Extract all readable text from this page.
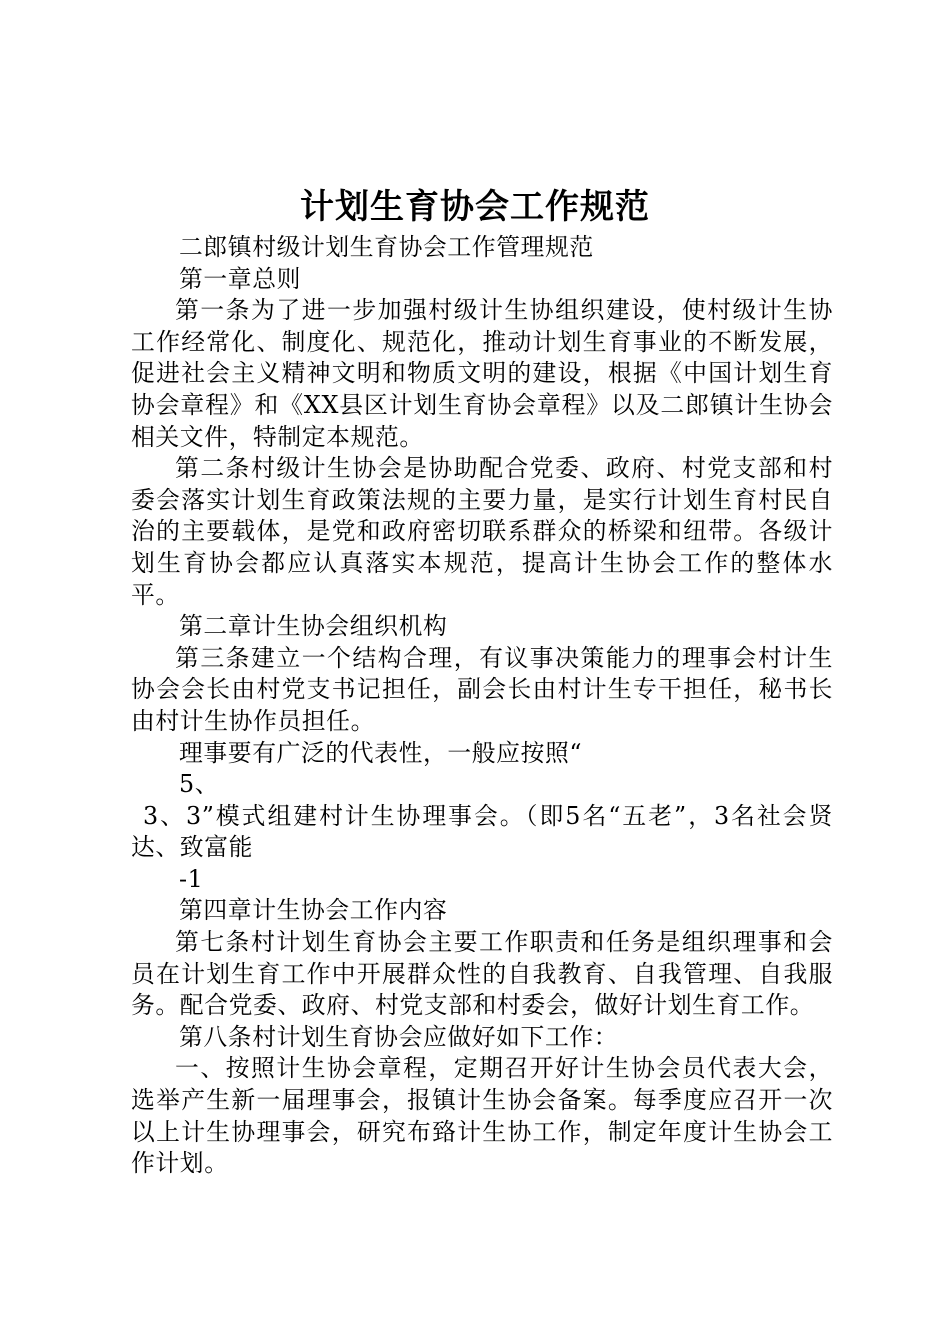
计划生育协会工作规范

二郎镇村级计划生育协会工作管理规范

第一章总则

第一条为了进一步加强村级计生协组织建设，使村级计生协工作经常化、制度化、规范化，推动计划生育事业的不断发展，促进社会主义精神文明和物质文明的建设，根据《中国计划生育协会章程》和《XX县区计划生育协会章程》以及二郎镇计生协会相关文件，特制定本规范。

第二条村级计生协会是协助配合党委、政府、村党支部和村委会落实计划生育政策法规的主要力量，是实行计划生育村民自治的主要载体，是党和政府密切联系群众的桥梁和纽带。各级计划生育协会都应认真落实本规范，提高计生协会工作的整体水平。

第二章计生协会组织机构

第三条建立一个结构合理，有议事决策能力的理事会村计生协会会长由村党支书记担任，副会长由村计生专干担任，秘书长由村计生协作员担任。

理事要有广泛的代表性，一般应按照“

5、

3、3”模式组建村计生协理事会。（即5名“五老”，3名社会贤达、致富能

-1

第四章计生协会工作内容

第七条村计划生育协会主要工作职责和任务是组织理事和会员在计划生育工作中开展群众性的自我教育、自我管理、自我服务。配合党委、政府、村党支部和村委会，做好计划生育工作。

第八条村计划生育协会应做好如下工作：

一、按照计生协会章程，定期召开好计生协会员代表大会，选举产生新一届理事会，报镇计生协会备案。每季度应召开一次以上计生协理事会，研究布臵计生协工作，制定年度计生协会工作计划。
